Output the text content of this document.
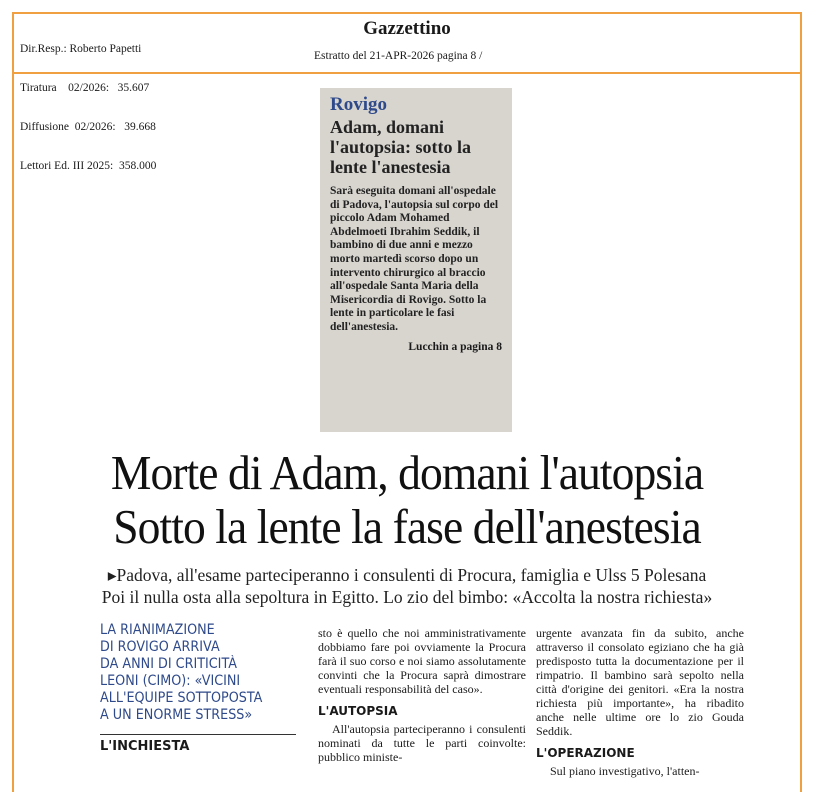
Dir.Resp.: Roberto Papetti

Tiratura 02/2026:   35.607

Diffusione 02/2026:   39.668

Lettori Ed. III 2025:  358.000

Gazzettino
Estratto del 21-APR-2026 pagina 8 /
Rovigo
Adam, domani l'autopsia: sotto la lente l'anestesia
Sarà eseguita domani all'ospedale di Padova, l'autopsia sul corpo del piccolo Adam Mohamed Abdelmoeti Ibrahim Seddik, il bambino di due anni e mezzo morto martedì scorso dopo un intervento chirurgico al braccio all'ospedale Santa Maria della Misericordia di Rovigo. Sotto la lente in particolare le fasi dell'anestesia.
Lucchin a pagina 8
Morte di Adam, domani l'autopsia
Sotto la lente la fase dell'anestesia
▸Padova, all'esame parteciperanno i consulenti di Procura, famiglia e Ulss 5 Polesana
Poi il nulla osta alla sepoltura in Egitto. Lo zio del bimbo: «Accolta la nostra richiesta»
LA RIANIMAZIONE
DI ROVIGO ARRIVA
DA ANNI DI CRITICITÀ
LEONI (CIMO): «VICINI
ALL'EQUIPE SOTTOPOSTA
A UN ENORME STRESS»
L'INCHIESTA

sto è quello che noi amministrativamente dobbiamo fare poi ovviamente la Procura farà il suo corso e noi siamo assolutamente convinti che la Procura saprà dimostrare eventuali responsabilità del caso».

L'AUTOPSIA

All'autopsia parteciperanno i consulenti nominati da tutte le parti coinvolte: pubblico ministe-

urgente avanzata fin da subito, anche attraverso il consolato egiziano che ha già predisposto tutta la documentazione per il rimpatrio. Il bambino sarà sepolto nella città d'origine dei genitori. «Era la nostra richiesta più importante», ha ribadito anche nelle ultime ore lo zio Gouda Seddik.

L'OPERAZIONE

Sul piano investigativo, l'atten-
